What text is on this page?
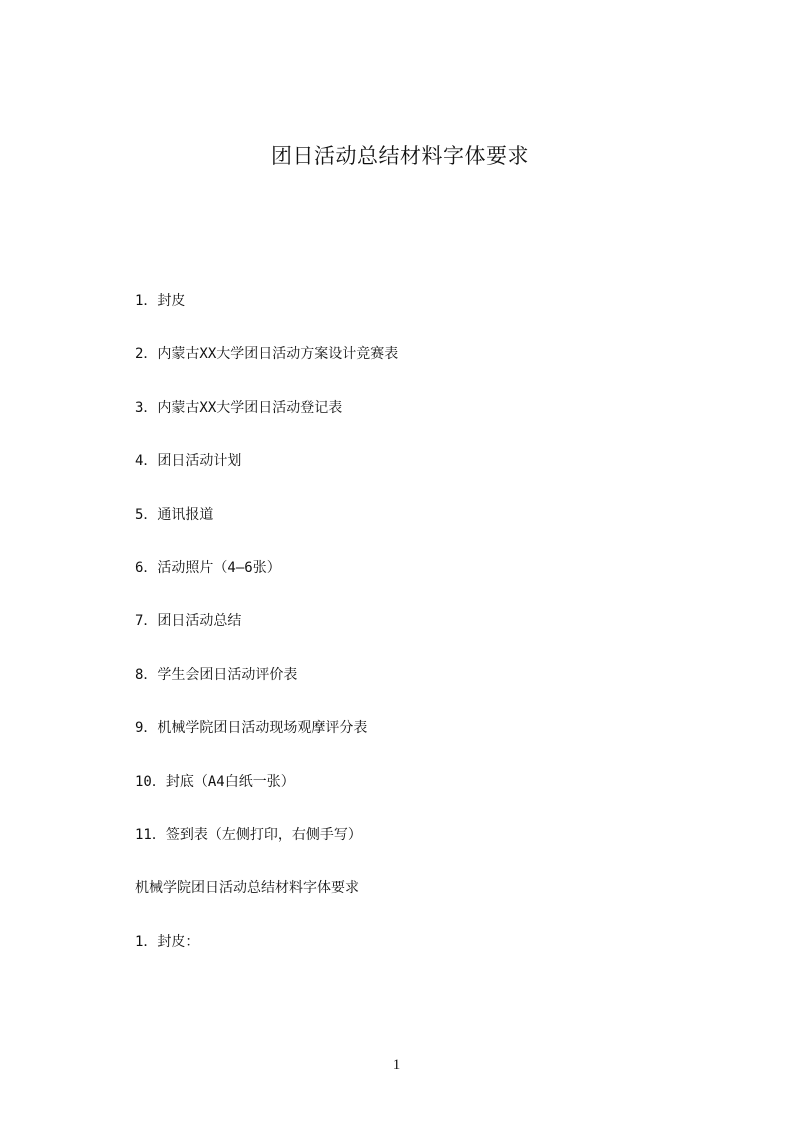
团日活动总结材料字体要求
1．封皮
2．内蒙古XX大学团日活动方案设计竞赛表
3．内蒙古XX大学团日活动登记表
4．团日活动计划
5．通讯报道
6．活动照片（4—6张）
7．团日活动总结
8．学生会团日活动评价表
9．机械学院团日活动现场观摩评分表
10．封底（A4白纸一张）
11．签到表（左侧打印，右侧手写）
机械学院团日活动总结材料字体要求
1．封皮：
1
